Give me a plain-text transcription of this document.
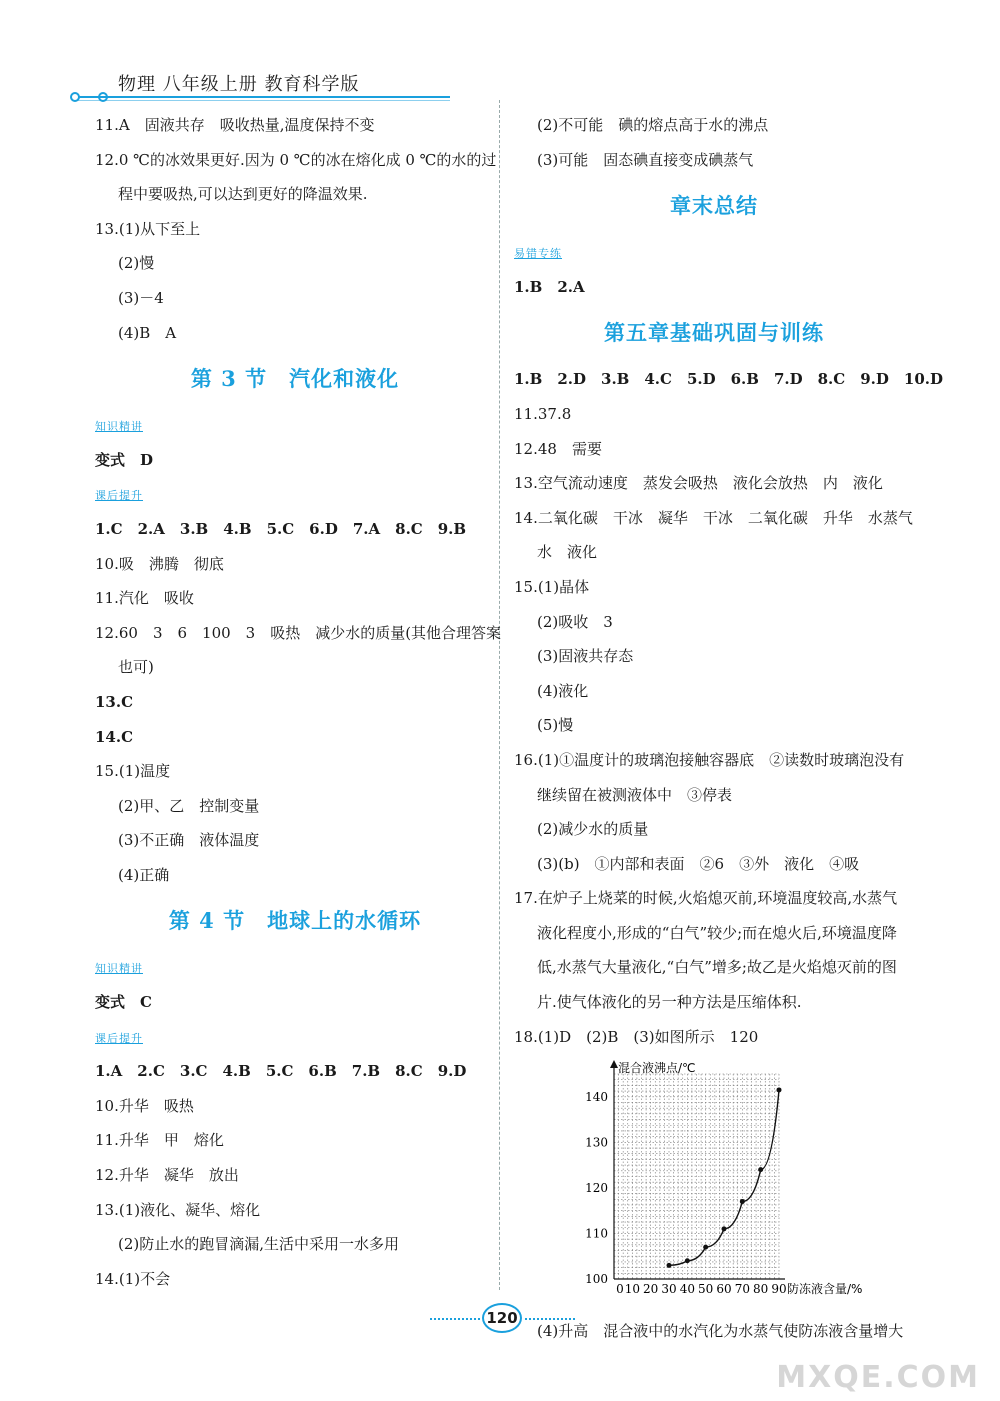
物理 八年级上册 教育科学版
11.A　固液共存　吸收热量,温度保持不变
12.0 ℃的冰效果更好.因为 0 ℃的冰在熔化成 0 ℃的水的过
程中要吸热,可以达到更好的降温效果.
13.(1)从下至上
(2)慢
(3)－4
(4)B　A
第 3 节　汽化和液化
知识精讲
变式　D
课后提升
1.C　2.A　3.B　4.B　5.C　6.D　7.A　8.C　9.B
10.吸　沸腾　彻底
11.汽化　吸收
12.60　3　6　100　3　吸热　减少水的质量(其他合理答案
也可)
13.C
14.C
15.(1)温度
(2)甲、乙　控制变量
(3)不正确　液体温度
(4)正确
第 4 节　地球上的水循环
知识精讲
变式　C
课后提升
1.A　2.C　3.C　4.B　5.C　6.B　7.B　8.C　9.D
10.升华　吸热
11.升华　甲　熔化
12.升华　凝华　放出
13.(1)液化、凝华、熔化
(2)防止水的跑冒滴漏,生活中采用一水多用
14.(1)不会
(2)不可能　碘的熔点高于水的沸点
(3)可能　固态碘直接变成碘蒸气
章末总结
易错专练
1.B　2.A
第五章基础巩固与训练
1.B　2.D　3.B　4.C　5.D　6.B　7.D　8.C　9.D　10.D
11.37.8
12.48　需要
13.空气流动速度　蒸发会吸热　液化会放热　内　液化
14.二氧化碳　干冰　凝华　干冰　二氧化碳　升华　水蒸气
水　液化
15.(1)晶体
(2)吸收　3
(3)固液共存态
(4)液化
(5)慢
16.(1)①温度计的玻璃泡接触容器底　②读数时玻璃泡没有
继续留在被测液体中　③停表
(2)减少水的质量
(3)(b)　①内部和表面　②6　③外　液化　④吸
17.在炉子上烧菜的时候,火焰熄灭前,环境温度较高,水蒸气
液化程度小,形成的“白气”较少;而在熄火后,环境温度降
低,水蒸气大量液化,“白气”增多;故乙是火焰熄灭前的图
片.使气体液化的另一种方法是压缩体积.
18.(1)D　(2)B　(3)如图所示　120
混合液沸点/℃
防冻液含量/%
100
110
120
130
140
0 10 20 30 40 50 60 70 80 90
(4)升高　混合液中的水汽化为水蒸气使防冻液含量增大
120
MXQE.COM
